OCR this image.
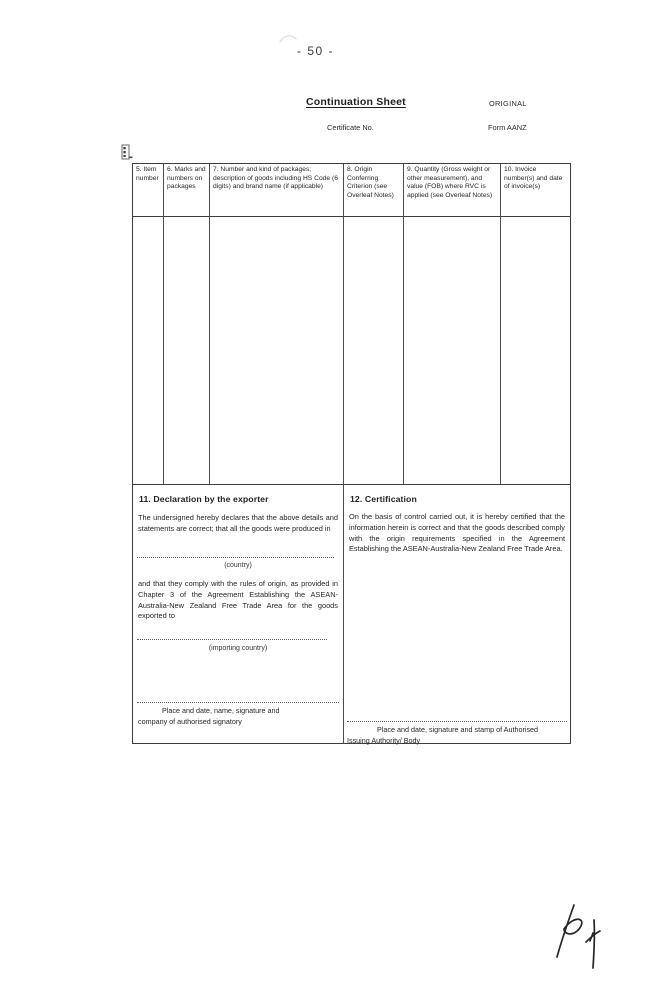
- 50 -
Continuation Sheet	ORIGINAL
Certificate No.	Form AANZ
5. Item number
6. Marks and numbers on packages
7. Number and kind of packages; description of goods including HS Code (6 digits) and brand name (if applicable)
8. Origin Conferring Criterion (see Overleaf Notes)
9. Quantity (Gross weight or other measurement), and value (FOB) where RVC is applied (see Overleaf Notes)
10. Invoice number(s) and date of invoice(s)
11. Declaration by the exporter
The undersigned hereby declares that the above details and statements are correct; that all the goods were produced in
(country)
and that they comply with the rules of origin, as provided in Chapter 3 of the Agreement Establishing the ASEAN-Australia-New Zealand Free Trade Area for the goods exported to
(importing country)
Place and date, name, signature and
company of authorised signatory
12. Certification
On the basis of control carried out, it is hereby certified that the information herein is correct and that the goods described comply with the origin requirements specified in the Agreement Establishing the ASEAN-Australia-New Zealand Free Trade Area.
Place and date, signature and stamp of Authorised
Issuing Authority/ Body
